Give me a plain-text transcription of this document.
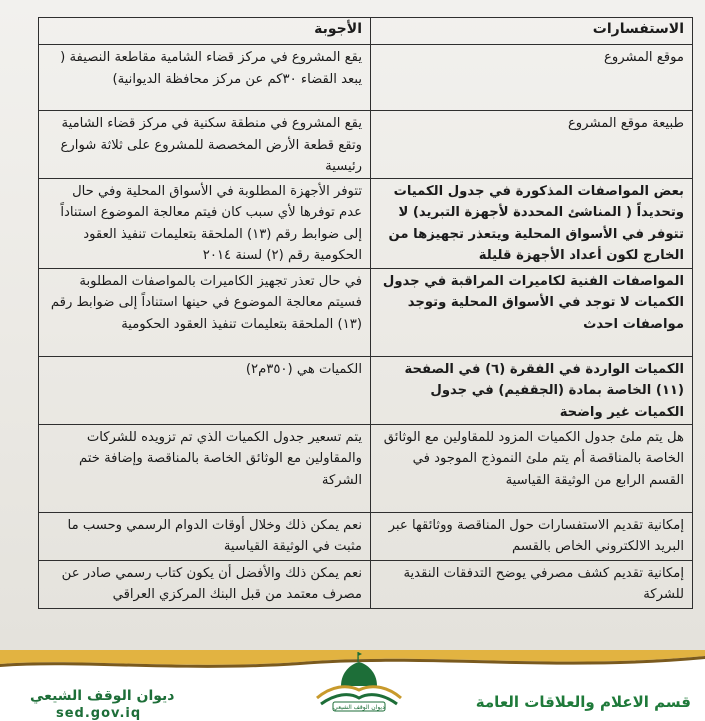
الاستفسارات	الأجوبة
موقع المشروع	يقع المشروع في مركز قضاء الشامية مقاطعة النصيفة ( يبعد القضاء ٣٠كم عن مركز محافظة الديوانية)
طبيعة موقع المشروع	يقع المشروع في منطقة سكنية في مركز قضاء الشامية وتقع قطعة الأرض المخصصة للمشروع على ثلاثة شوارع رئيسية
بعض المواصفات المذكورة في جدول الكميات وتحديداً ( المناشئ المحددة لأجهزة التبريد) لا تتوفر في الأسواق المحلية ويتعذر تجهيزها من الخارج لكون أعداد الأجهزة قليلة	تتوفر الأجهزة المطلوبة في الأسواق المحلية وفي حال عدم توفرها لأي سبب كان فيتم معالجة الموضوع استناداً إلى ضوابط رقم (١٣) الملحقة بتعليمات تنفيذ العقود الحكومية رقم (٢) لسنة ٢٠١٤
المواصفات الفنية لكاميرات المراقبة في جدول الكميات لا توجد في الأسواق المحلية وتوجد مواصفات احدث	في حال تعذر تجهيز الكاميرات بالمواصفات المطلوبة فسيتم معالجة الموضوع في حينها استناداً إلى ضوابط رقم (١٣) الملحقة بتعليمات تنفيذ العقود الحكومية
الكميات الواردة في الفقرة (٦) في الصفحة (١١) الخاصة بمادة (الجقفيم) في جدول الكميات غير واضحة	الكميات هي (٣٥٠م٢)
هل يتم ملئ جدول الكميات المزود للمقاولين مع الوثائق الخاصة بالمناقصة أم يتم ملئ النموذج الموجود في القسم الرابع من الوثيقة القياسية	يتم تسعير جدول الكميات الذي تم تزويده للشركات والمقاولين مع الوثائق الخاصة بالمناقصة وإضافة ختم الشركة
إمكانية تقديم الاستفسارات حول المناقصة ووثائقها عبر البريد الالكتروني الخاص بالقسم	نعم يمكن ذلك وخلال أوقات الدوام الرسمي وحسب ما مثبت في الوثيقة القياسية
إمكانية تقديم كشف مصرفي يوضح التدفقات النقدية للشركة	نعم يمكن ذلك والأفضل أن يكون كتاب رسمي صادر عن مصرف معتمد من قبل البنك المركزي العراقي
قسم الاعلام والعلاقات العامة
ديوان الوقف الشيعي
sed.gov.iq	ديوان الوقف الشيعي
